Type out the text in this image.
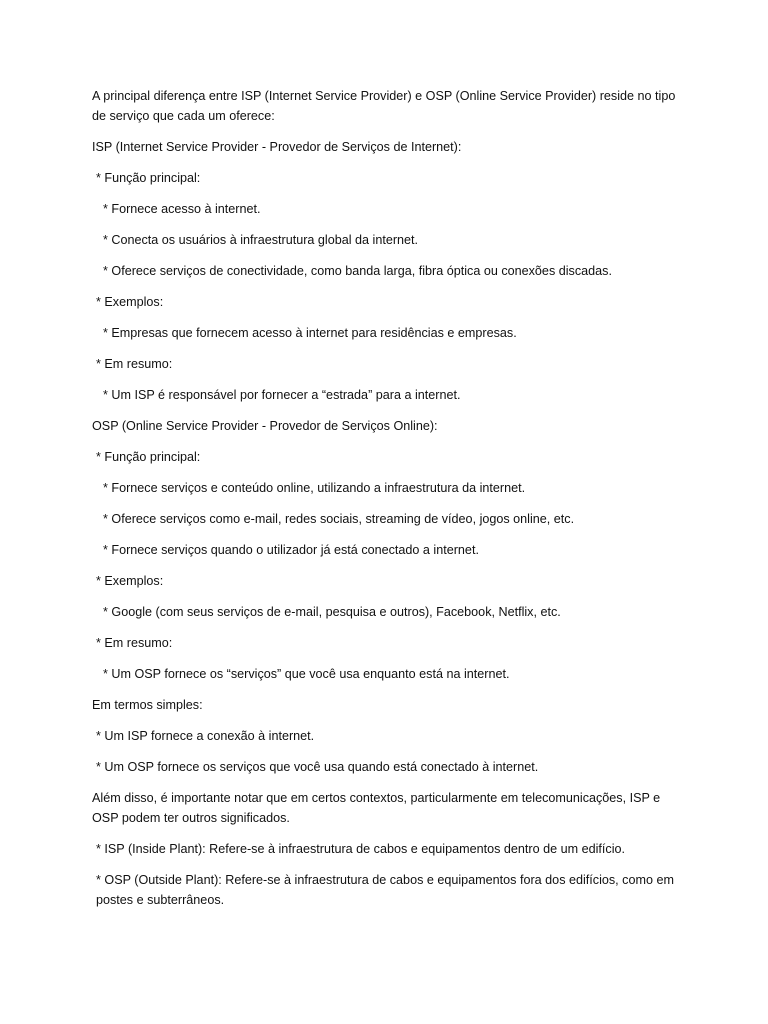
A principal diferença entre ISP (Internet Service Provider) e OSP (Online Service Provider) reside no tipo de serviço que cada um oferece:

ISP (Internet Service Provider - Provedor de Serviços de Internet):

* Função principal:

* Fornece acesso à internet.

* Conecta os usuários à infraestrutura global da internet.

* Oferece serviços de conectividade, como banda larga, fibra óptica ou conexões discadas.

* Exemplos:

* Empresas que fornecem acesso à internet para residências e empresas.

* Em resumo:

* Um ISP é responsável por fornecer a “estrada” para a internet.

OSP (Online Service Provider - Provedor de Serviços Online):

* Função principal:

* Fornece serviços e conteúdo online, utilizando a infraestrutura da internet.

* Oferece serviços como e-mail, redes sociais, streaming de vídeo, jogos online, etc.

* Fornece serviços quando o utilizador já está conectado a internet.

* Exemplos:

* Google (com seus serviços de e-mail, pesquisa e outros), Facebook, Netflix, etc.

* Em resumo:

* Um OSP fornece os “serviços” que você usa enquanto está na internet.

Em termos simples:

* Um ISP fornece a conexão à internet.

* Um OSP fornece os serviços que você usa quando está conectado à internet.

Além disso, é importante notar que em certos contextos, particularmente em telecomunicações, ISP e OSP podem ter outros significados.

* ISP (Inside Plant): Refere-se à infraestrutura de cabos e equipamentos dentro de um edifício.

* OSP (Outside Plant): Refere-se à infraestrutura de cabos e equipamentos fora dos edifícios, como em postes e subterrâneos.
